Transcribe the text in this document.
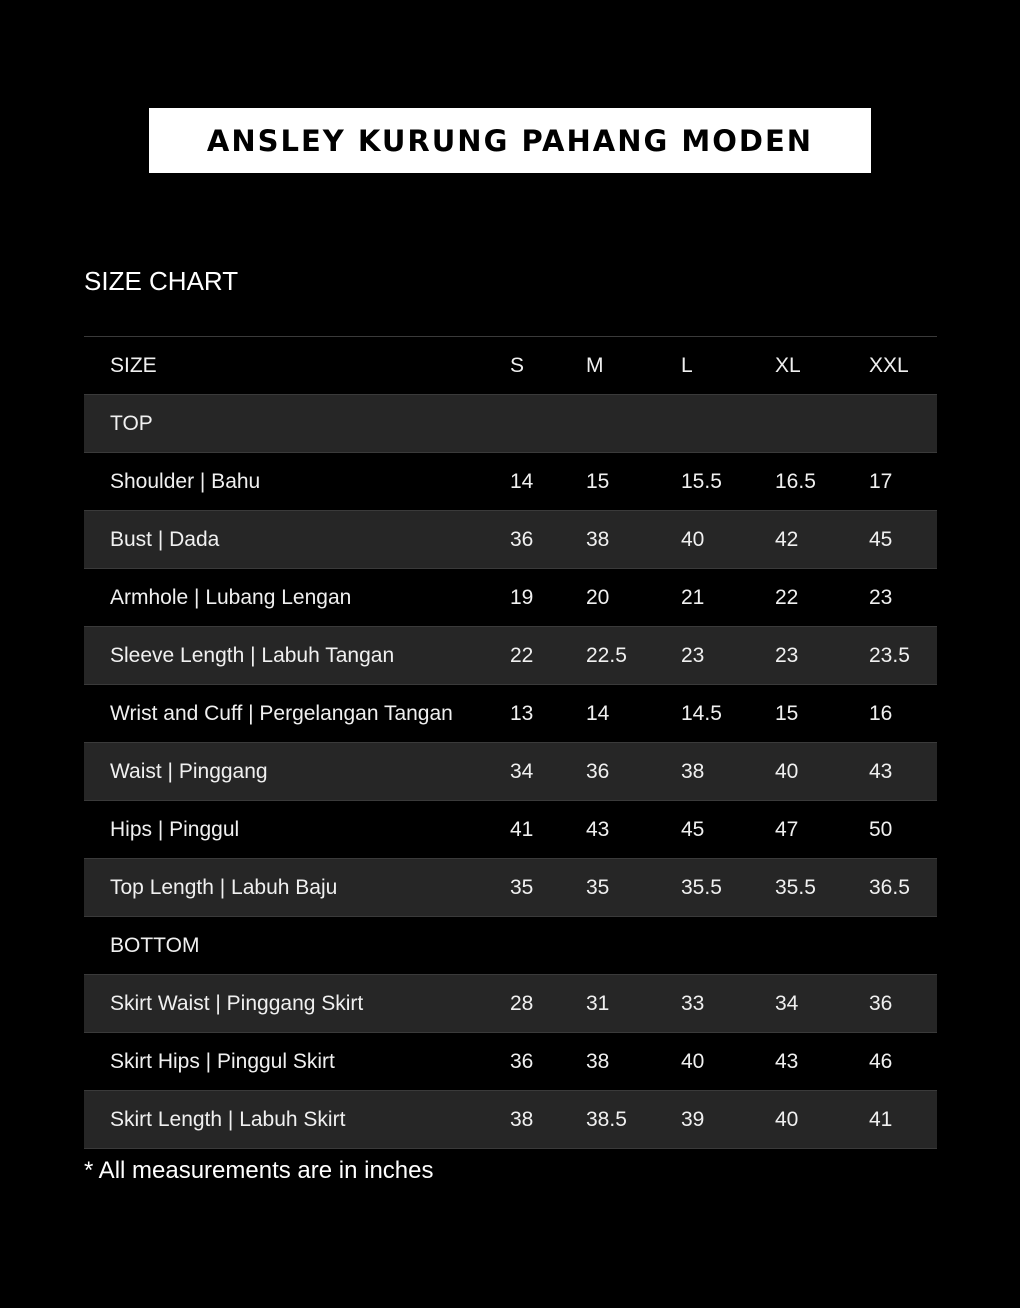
ANSLEY KURUNG PAHANG MODEN
SIZE CHART
SIZE	S	M	L	XL	XXL
TOP
Shoulder | Bahu	14	15	15.5	16.5	17
Bust | Dada	36	38	40	42	45
Armhole | Lubang Lengan	19	20	21	22	23
Sleeve Length | Labuh Tangan	22	22.5	23	23	23.5
Wrist and Cuff | Pergelangan Tangan	13	14	14.5	15	16
Waist | Pinggang	34	36	38	40	43
Hips | Pinggul	41	43	45	47	50
Top Length | Labuh Baju	35	35	35.5	35.5	36.5
BOTTOM
Skirt Waist | Pinggang Skirt	28	31	33	34	36
Skirt Hips | Pinggul Skirt	36	38	40	43	46
Skirt Length | Labuh Skirt	38	38.5	39	40	41
* All measurements are in inches
